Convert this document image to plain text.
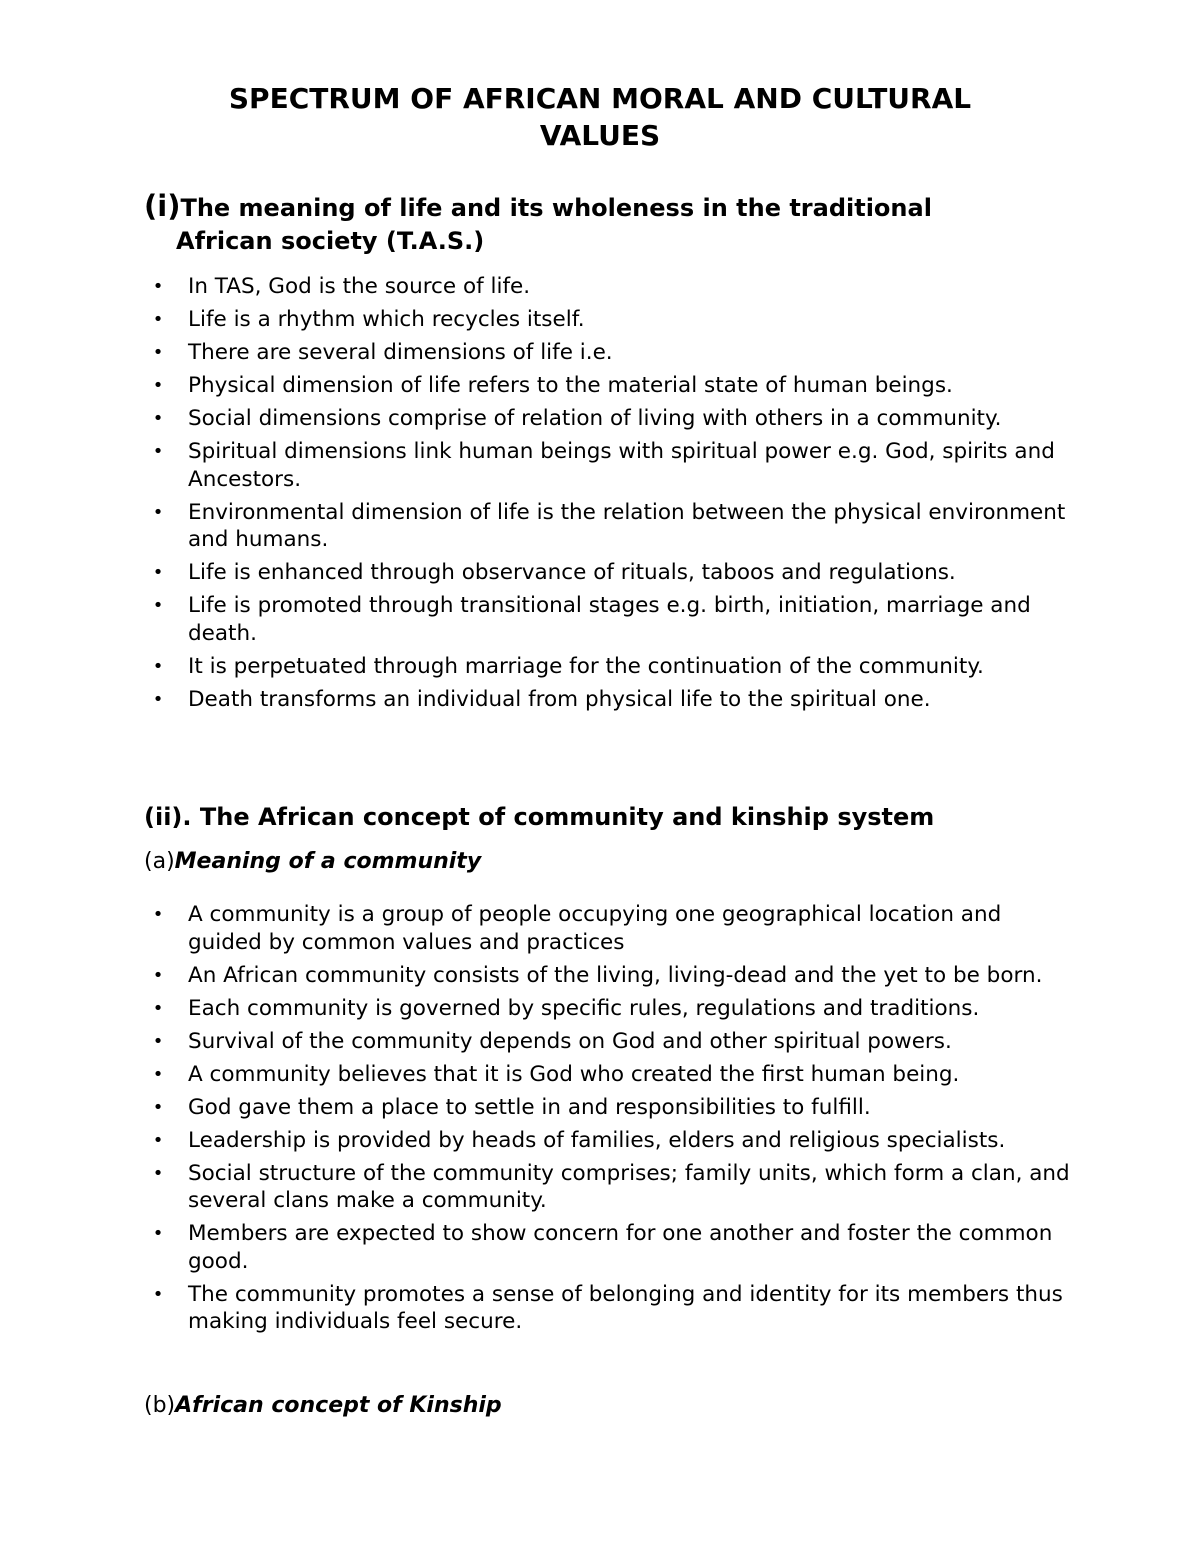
SPECTRUM OF AFRICAN MORAL AND CULTURAL
VALUES
(i)The meaning of life and its wholeness in the traditional
African society (T.A.S.)
• In TAS, God is the source of life.
• Life is a rhythm which recycles itself.
• There are several dimensions of life i.e.
• Physical dimension of life refers to the material state of human beings.
• Social dimensions comprise of relation of living with others in a community.
• Spiritual dimensions link human beings with spiritual power e.g. God, spirits and Ancestors.
• Environmental dimension of life is the relation between the physical environment and humans.
• Life is enhanced through observance of rituals, taboos and regulations.
• Life is promoted through transitional stages e.g. birth, initiation, marriage and death.
• It is perpetuated through marriage for the continuation of the community.
• Death transforms an individual from physical life to the spiritual one.
(ii). The African concept of community and kinship system

(a)Meaning of a community

• A community is a group of people occupying one geographical location and guided by common values and practices
• An African community consists of the living, living-dead and the yet to be born.
• Each community is governed by specific rules, regulations and traditions.
• Survival of the community depends on God and other spiritual powers.
• A community believes that it is God who created the first human being.
• God gave them a place to settle in and responsibilities to fulfill.
• Leadership is provided by heads of families, elders and religious specialists.
• Social structure of the community comprises; family units, which form a clan, and several clans make a community.
• Members are expected to show concern for one another and foster the common good.
• The community promotes a sense of belonging and identity for its members thus making individuals feel secure.

(b)African concept of Kinship
